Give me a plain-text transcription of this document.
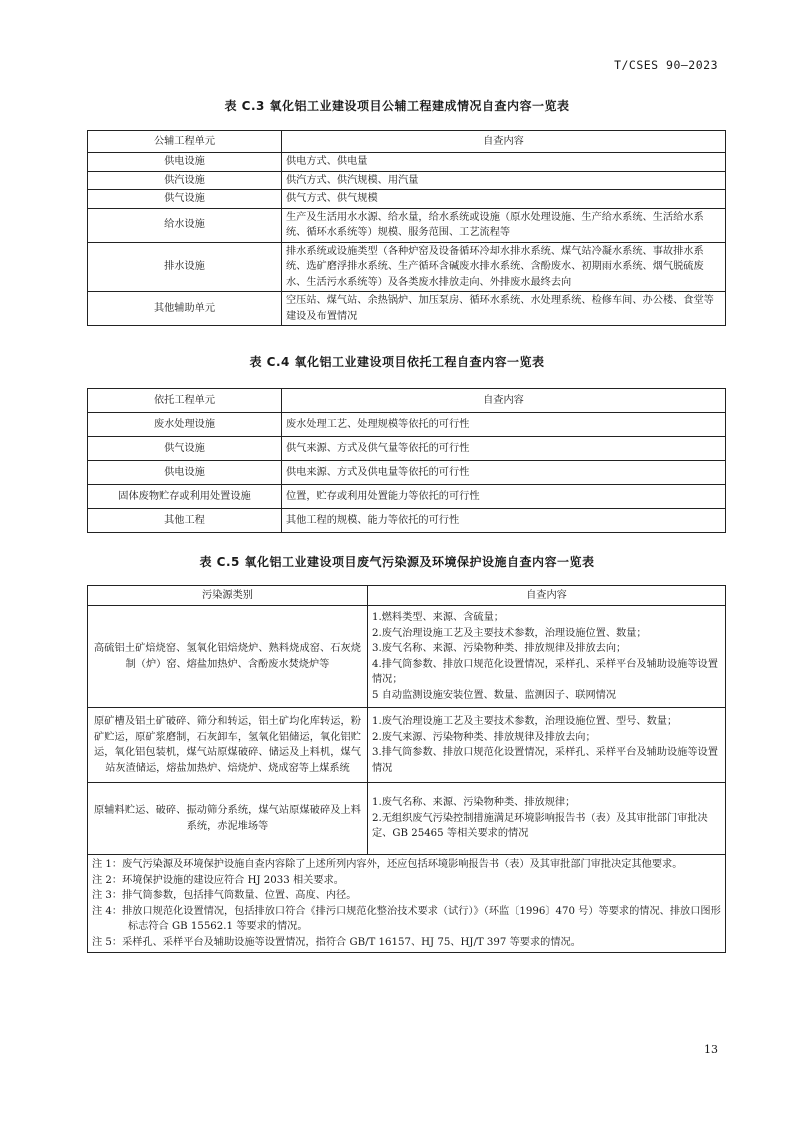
T/CSES 90—2023
表 C.3 氧化铝工业建设项目公辅工程建成情况自查内容一览表
公辅工程单元	自查内容
供电设施	供电方式、供电量
供汽设施	供汽方式、供汽规模、用汽量
供气设施	供气方式、供气规模
给水设施	生产及生活用水水源、给水量，给水系统或设施（原水处理设施、生产给水系统、生活给水系统、循环水系统等）规模、服务范围、工艺流程等
排水设施	排水系统或设施类型（各种炉窑及设备循环冷却水排水系统、煤气站冷凝水系统、事故排水系统、选矿磨浮排水系统、生产循环含碱废水排水系统、含酚废水、初期雨水系统、烟气脱硫废水、生活污水系统等）及各类废水排放走向、外排废水最终去向
其他辅助单元	空压站、煤气站、余热锅炉、加压泵房、循环水系统、水处理系统、检修车间、办公楼、食堂等建设及布置情况
表 C.4 氧化铝工业建设项目依托工程自查内容一览表
依托工程单元	自查内容
废水处理设施	废水处理工艺、处理规模等依托的可行性
供气设施	供气来源、方式及供气量等依托的可行性
供电设施	供电来源、方式及供电量等依托的可行性
固体废物贮存或利用处置设施	位置，贮存或利用处置能力等依托的可行性
其他工程	其他工程的规模、能力等依托的可行性
表 C.5 氧化铝工业建设项目废气污染源及环境保护设施自查内容一览表
污染源类别	自查内容
高硫铝土矿焙烧窑、氢氧化铝焙烧炉、熟料烧成窑、石灰烧制（炉）窑、熔盐加热炉、含酚废水焚烧炉等	1.燃料类型、来源、含硫量；
2.废气治理设施工艺及主要技术参数，治理设施位置、数量；
3.废气名称、来源、污染物种类、排放规律及排放去向；
4.排气筒参数、排放口规范化设置情况，采样孔、采样平台及辅助设施等设置情况；
5 自动监测设施安装位置、数量、监测因子、联网情况

原矿槽及铝土矿破碎、筛分和转运，铝土矿均化库转运，粉矿贮运，原矿浆磨制，石灰卸车，氢氧化铝储运，氧化铝贮运，氧化铝包装机，煤气站原煤破碎、储运及上料机，煤气站灰渣储运，熔盐加热炉、焙烧炉、烧成窑等上煤系统	1.废气治理设施工艺及主要技术参数，治理设施位置、型号、数量；
2.废气来源、污染物种类、排放规律及排放去向；
3.排气筒参数、排放口规范化设置情况，采样孔、采样平台及辅助设施等设置情况

原辅料贮运、破碎、振动筛分系统，煤气站原煤破碎及上料系统，赤泥堆场等	1.废气名称、来源、污染物种类、排放规律；
2.无组织废气污染控制措施满足环境影响报告书（表）及其审批部门审批决定、GB 25465 等相关要求的情况

注 1：废气污染源及环境保护设施自查内容除了上述所列内容外，还应包括环境影响报告书（表）及其审批部门审批决定其他要求。
注 2：环境保护设施的建设应符合 HJ 2033 相关要求。
注 3：排气筒参数，包括排气筒数量、位置、高度、内径。
注 4：排放口规范化设置情况，包括排放口符合《排污口规范化整治技术要求（试行）》（环监〔1996〕470 号）等要求的情况、排放口图形标志符合 GB 15562.1 等要求的情况。
注 5：采样孔、采样平台及辅助设施等设置情况，指符合 GB/T 16157、HJ 75、HJ/T 397 等要求的情况。	
13
